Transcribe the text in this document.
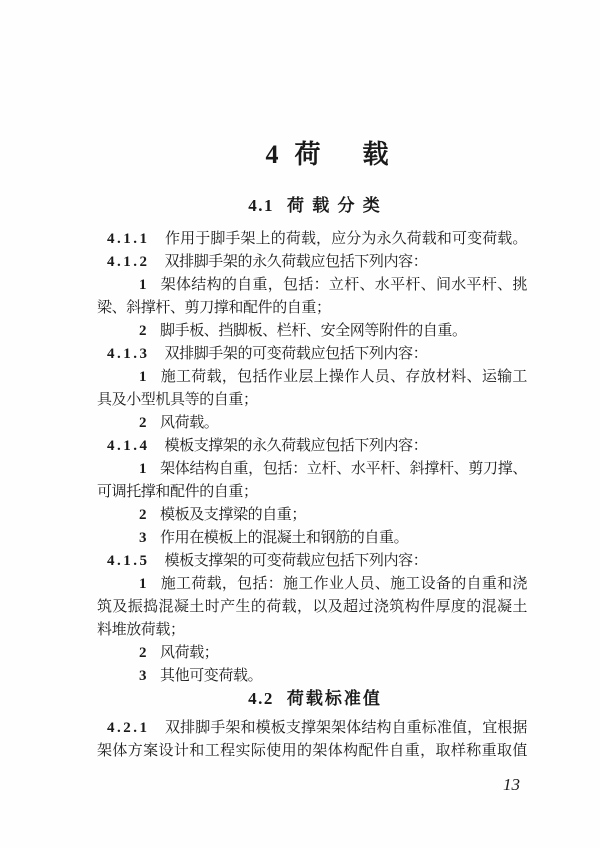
4 荷　载
4.1 荷 载 分 类
4.1.1 作用于脚手架上的荷载，应分为永久荷载和可变荷载。
4.1.2 双排脚手架的永久荷载应包括下列内容：
1 架体结构的自重，包括：立杆、水平杆、间水平杆、挑
梁、斜撑杆、剪刀撑和配件的自重；
2 脚手板、挡脚板、栏杆、安全网等附件的自重。
4.1.3 双排脚手架的可变荷载应包括下列内容：
1 施工荷载，包括作业层上操作人员、存放材料、运输工
具及小型机具等的自重；
2 风荷载。
4.1.4 模板支撑架的永久荷载应包括下列内容：
1 架体结构自重，包括：立杆、水平杆、斜撑杆、剪刀撑、
可调托撑和配件的自重；
2 模板及支撑梁的自重；
3 作用在模板上的混凝土和钢筋的自重。
4.1.5 模板支撑架的可变荷载应包括下列内容：
1 施工荷载，包括：施工作业人员、施工设备的自重和浇
筑及振捣混凝土时产生的荷载，以及超过浇筑构件厚度的混凝土
料堆放荷载；
2 风荷载；
3 其他可变荷载。
4.2 荷载标准值
4.2.1 双排脚手架和模板支撑架架体结构自重标准值，宜根据
架体方案设计和工程实际使用的架体构配件自重，取样称重取值
13
